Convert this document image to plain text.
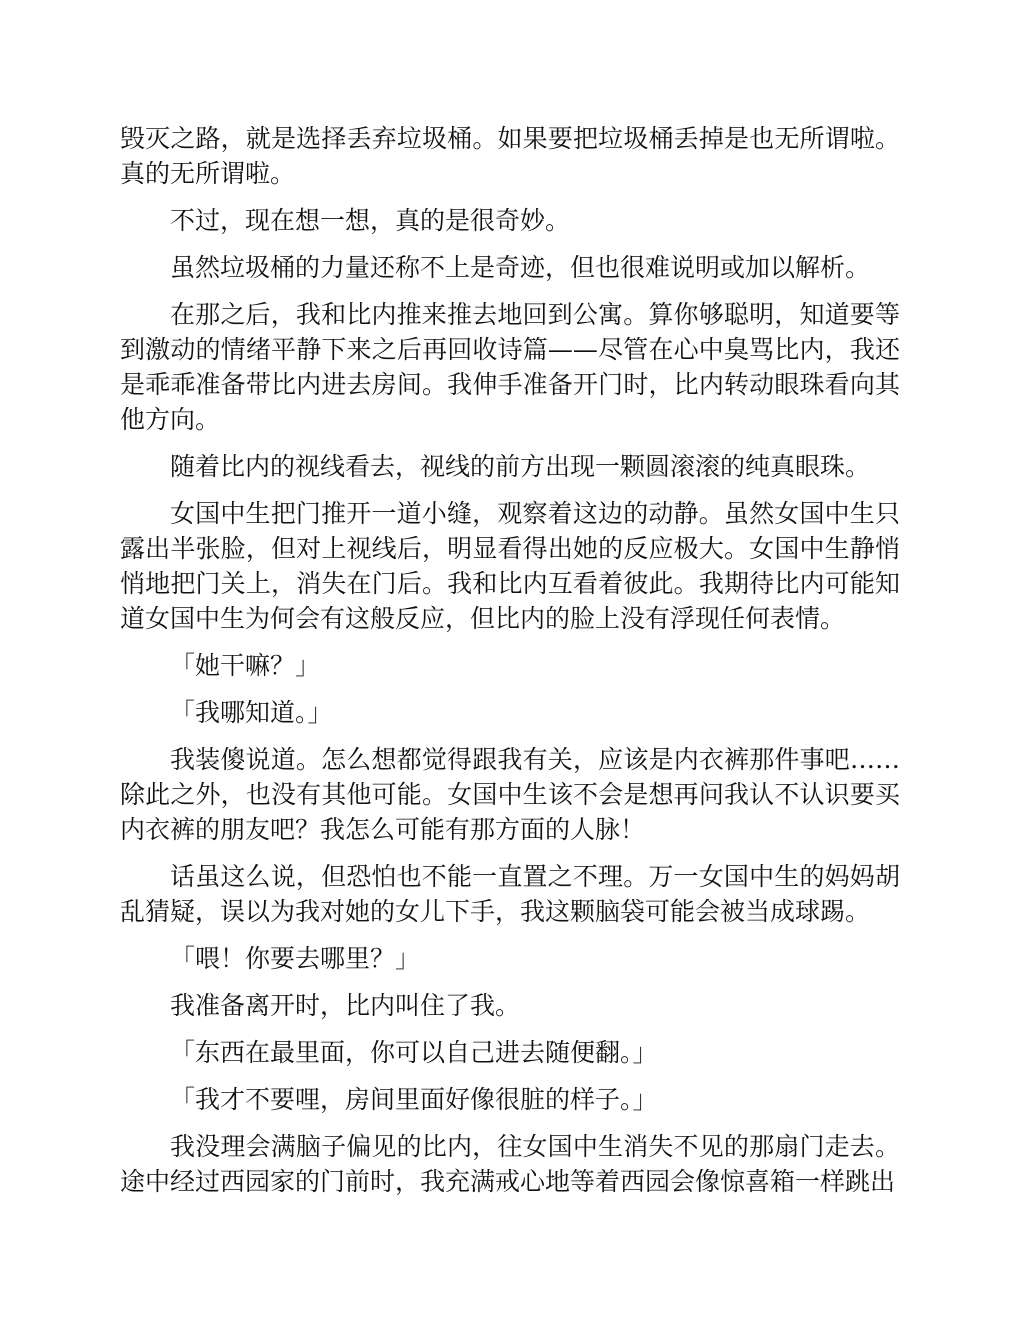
毁灭之路，就是选择丢弃垃圾桶。如果要把垃圾桶丢掉是也无所谓啦。真的无所谓啦。

不过，现在想一想，真的是很奇妙。

虽然垃圾桶的力量还称不上是奇迹，但也很难说明或加以解析。

在那之后，我和比内推来推去地回到公寓。算你够聪明，知道要等到激动的情绪平静下来之后再回收诗篇——尽管在心中臭骂比内，我还是乖乖准备带比内进去房间。我伸手准备开门时，比内转动眼珠看向其他方向。

随着比内的视线看去，视线的前方出现一颗圆滚滚的纯真眼珠。

女国中生把门推开一道小缝，观察着这边的动静。虽然女国中生只露出半张脸，但对上视线后，明显看得出她的反应极大。女国中生静悄悄地把门关上，消失在门后。我和比内互看着彼此。我期待比内可能知道女国中生为何会有这般反应，但比内的脸上没有浮现任何表情。

「她干嘛？」

「我哪知道。」

我装傻说道。怎么想都觉得跟我有关，应该是内衣裤那件事吧……除此之外，也没有其他可能。女国中生该不会是想再问我认不认识要买内衣裤的朋友吧？我怎么可能有那方面的人脉！

话虽这么说，但恐怕也不能一直置之不理。万一女国中生的妈妈胡乱猜疑，误以为我对她的女儿下手，我这颗脑袋可能会被当成球踢。

「喂！你要去哪里？」

我准备离开时，比内叫住了我。

「东西在最里面，你可以自己进去随便翻。」

「我才不要哩，房间里面好像很脏的样子。」

我没理会满脑子偏见的比内，往女国中生消失不见的那扇门走去。途中经过西园家的门前时，我充满戒心地等着西园会像惊喜箱一样跳出
